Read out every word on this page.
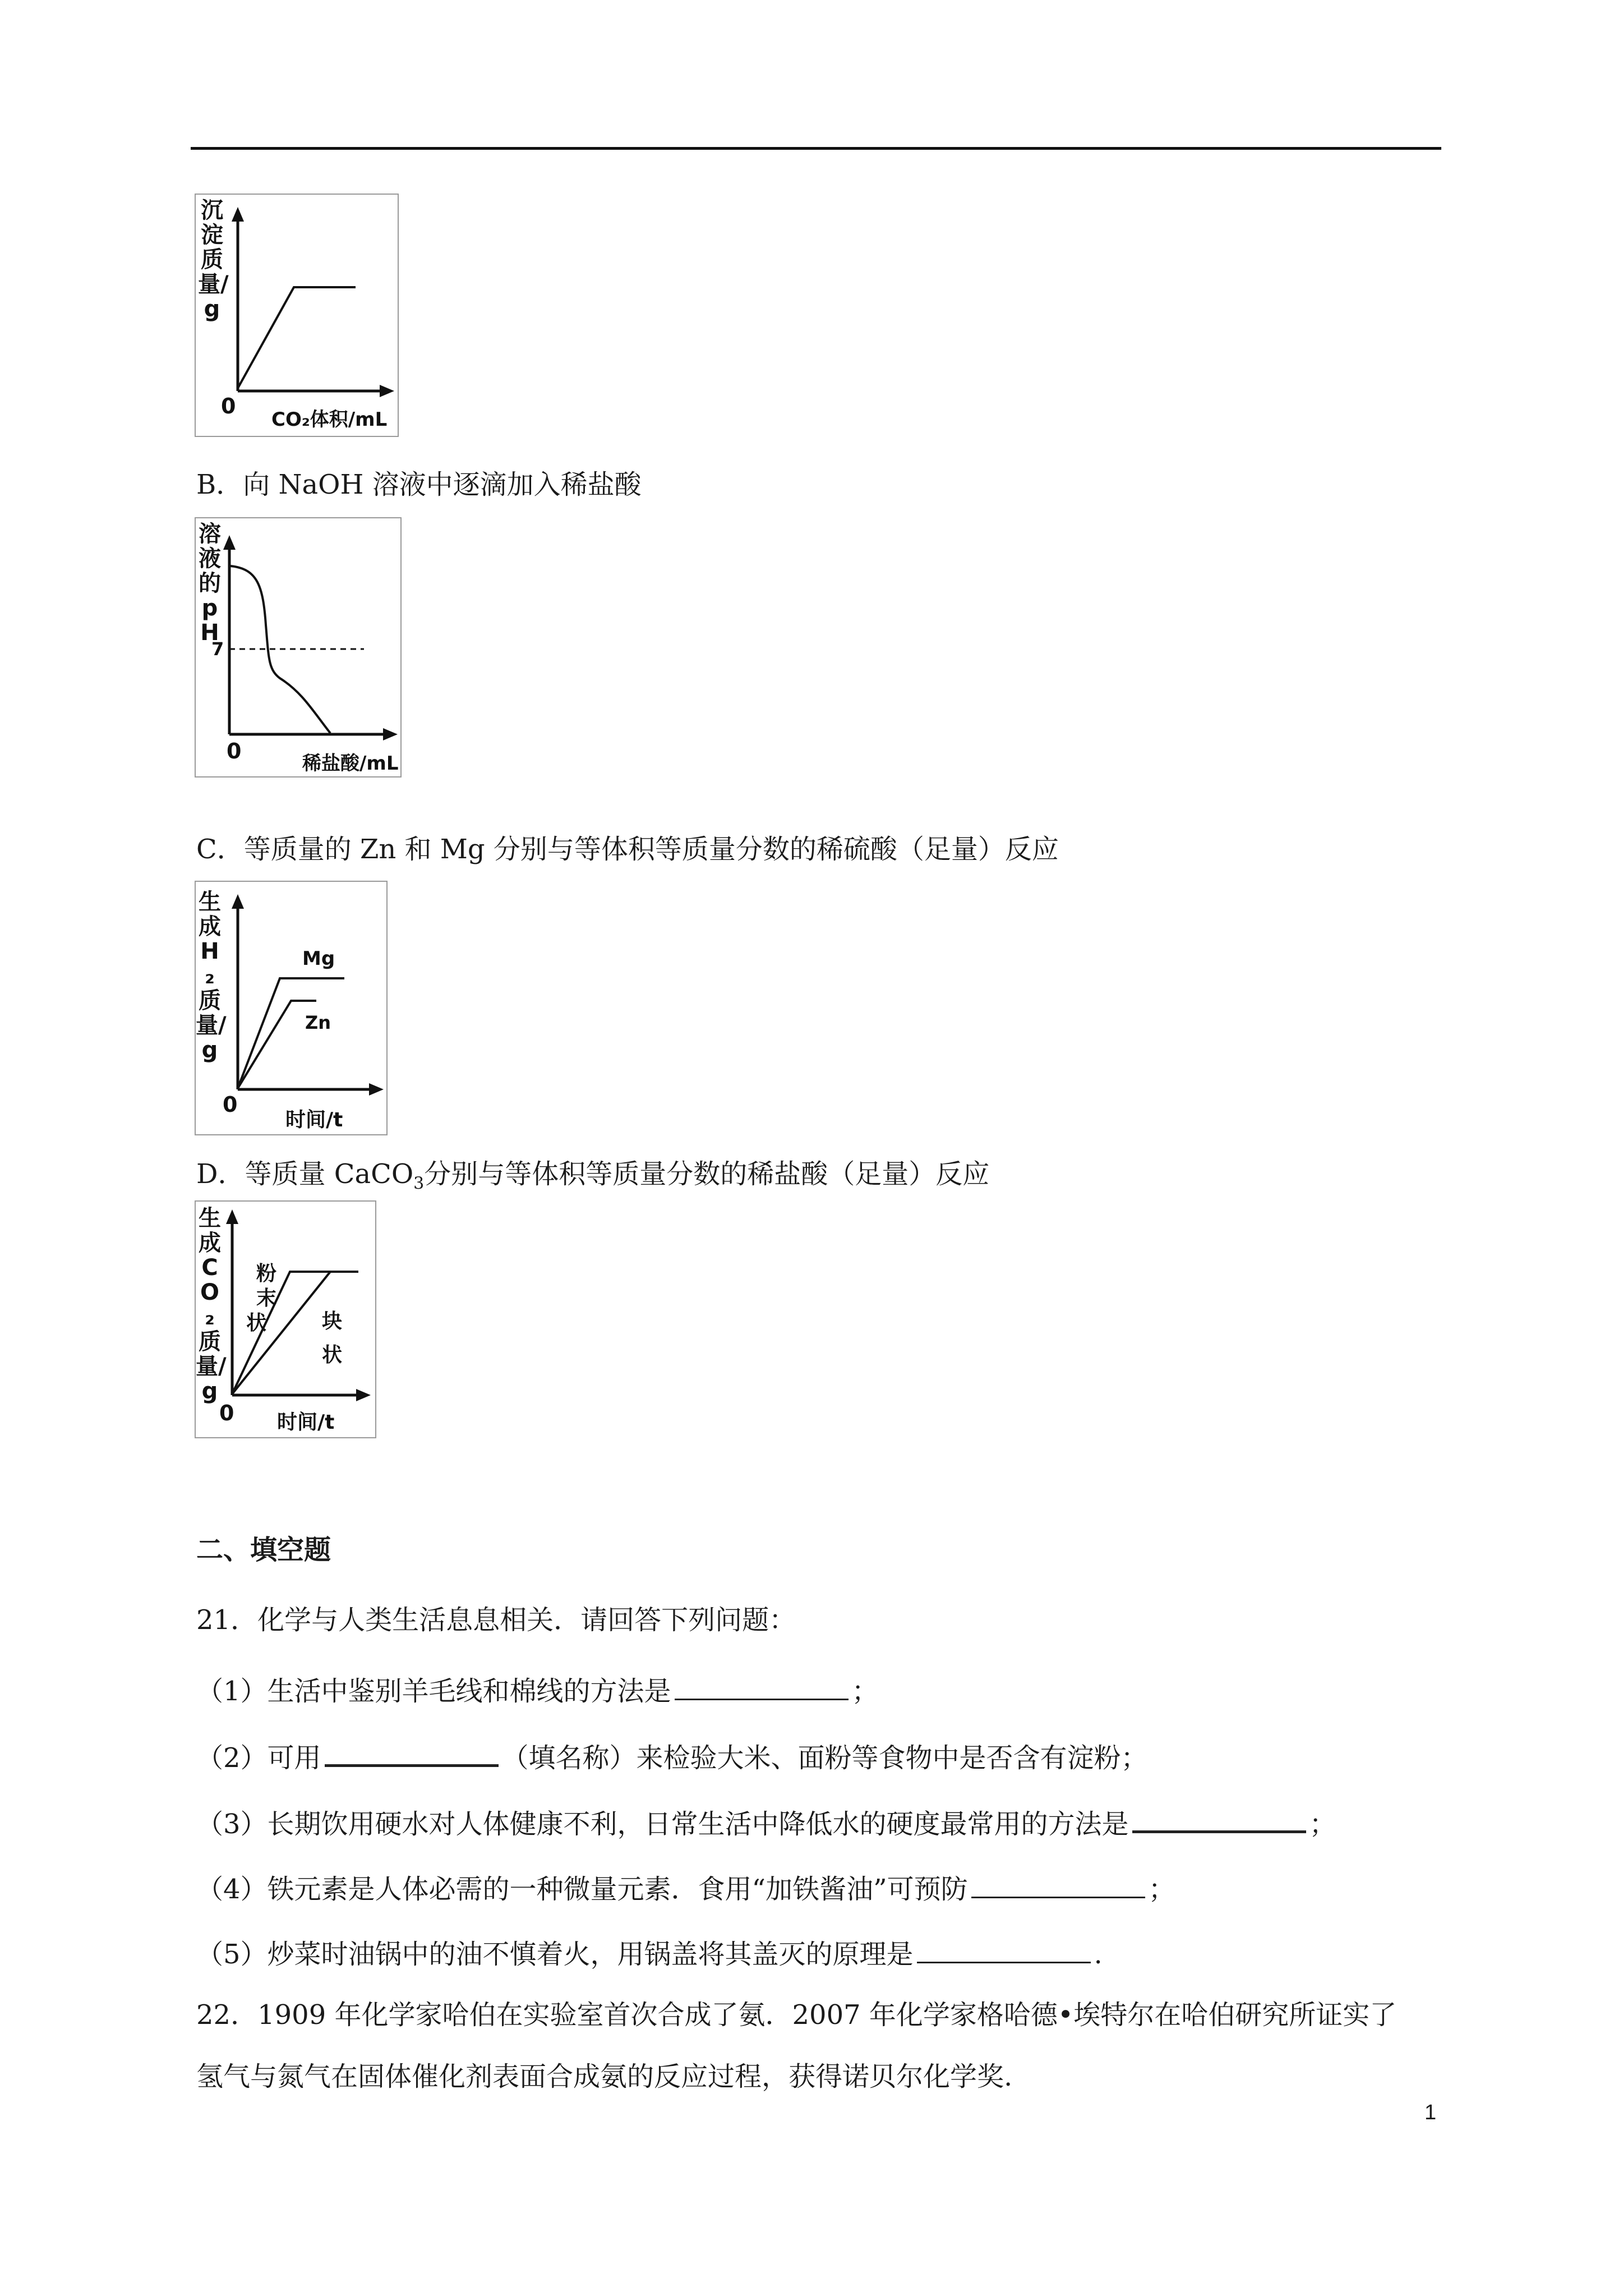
沉淀质量/g
0
CO₂体积/mL
B．向 NaOH 溶液中逐滴加入稀盐酸
溶液的pH
7
0	稀盐酸/mL
C．等质量的 Zn 和 Mg 分别与等体积等质量分数的稀硫酸（足量）反应
生成H₂质量/g
Mg
Zn
0
时间/t
D．等质量 CaCO$_3$分别与等体积等质量分数的稀盐酸（足量）反应
生成CO₂质量/g
粉末状	块状
0 时间/t
二、填空题
21．化学与人类生活息息相关．请回答下列问题：
（1）生活中鉴别羊毛线和棉线的方法是	；
（2）可用	（填名称）来检验大米、面粉等食物中是否含有淀粉；
（3）长期饮用硬水对人体健康不利，日常生活中降低水的硬度最常用的方法是	；
（4）铁元素是人体必需的一种微量元素．食用“加铁酱油”可预防	；
（5）炒菜时油锅中的油不慎着火，用锅盖将其盖灭的原理是	.
22．1909 年化学家哈伯在实验室首次合成了氨．2007 年化学家格哈德•埃特尔在哈伯研究所证实了
氢气与氮气在固体催化剂表面合成氨的反应过程，获得诺贝尔化学奖.
1
